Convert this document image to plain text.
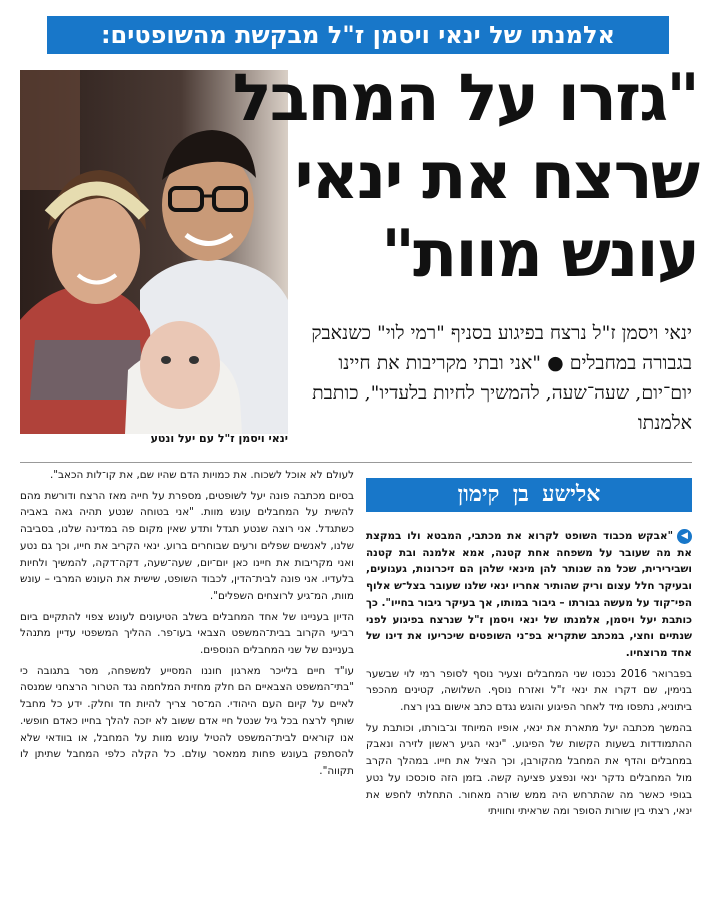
אלמנתו של ינאי ויסמן ז"ל מבקשת מהשופטים:
ינאי ויסמן ז"ל עם יעל ונטע
"גזרו על המחבל
שרצח את ינאי
עונש מוות"
ינאי ויסמן ז"ל נרצח בפיגוע בסניף "רמי לוי" כשנאבק בגבורה במחבלים ● "אני ובתי מקריבות את חיינו יום־יום, שעה־שעה, להמשיך לחיות בלעדיו", כותבת אלמנתו
אלישע בן קימון

◀"אבקש מכבוד השופט לקרוא את מכתבי, המבטא ולו במקצת את מה שעובר על משפחה אחת קטנה, אמא אלמנה ובת קטנה ושבירירית, שכל מה שנותר להן מינאי שלהן הם זיכרונות, געגועים, ובעיקר חלל עצום וריק שהותיר אחריו ינאי שלנו שעובר בצל־ש אלוף הפי־קוד על מעשה גבורתו – גיבור במותו, אך בעיקר גיבור בחייו". כך כותבת יעל ויסמן, אלמנתו של ינאי ויסמן ז"ל שנרצח בפיגוע לפני שנתיים וחצי, במכתב שתקריא בפ־ני השופטים שיכריעו את דינו של אחד מרוצחיו.

בפברואר 2016 נכנסו שני המחבלים וצעיר נוסף לסופר רמי לוי שבשער בנימין, שם דקרו את ינאי ז"ל ואזרח נוסף. השלושה, קטינים מהכפר ביתוניא, נתפסו מיד לאחר הפיגוע והוגש נגדם כתב אישום בגין רצח.

בהמשך מכתבה יעל מתארת את ינאי, אופיו המיוחד וג־בורתו, וכותבת על ההתמודדות בשעות הקשות של הפיגוע. "ינאי הגיע ראשון לזירה ונאבק במחבלים והדף את המחבל מהקורבן, וכך הציל את חייו. במהלך הקרב מול המחבלים נדקר ינאי ונפצע פציעה קשה. בזמן הזה סוכסכו על נטע בגופי כאשר מה שהתרחש היה ממש שורה מאחור. התחלתי לחפש את ינאי, רצתי בין שורות הסופר ומה שראיתי וחוויתי

לעולם לא אוכל לשכוח. את כמויות הדם שהיו שם, את קו־לות הכאב".

בסיום מכתבה פונה יעל לשופטים, מספרת על חייה מאז הרצח ודורשת מהם להשית על המחבלים עונש מוות. "אני בטוחה שנטע תהיה גאה באביה כשתגדל. אני רוצה שנטע תגדל ותדע שאין מקום פה במדינה שלנו, בסביבה שלנו, לאנשים שפלים ורעים שבוחרים ברוע. ינאי הקריב את חייו, וכך גם נטע ואני מקריבות את חיינו כאן יום־יום, שעה־שעה, דקה־דקה, להמשיך ולחיות בלעדיו. אני פונה לבית־הדין, לכבוד השופט, שישית את העונש המרבי – עונש מוות, המ־גיע לרוצחים השפלים".

הדיון בעניינו של אחד המחבלים בשלב הטיעונים לעונש צפוי להתקיים ביום רביעי הקרוב בבית־המשפט הצבאי בעו־פר. ההליך המשפטי עדיין מתנהל בעניינם של שני המחבלים הנוספים.

עו"ד חיים בלייכר מארגון חוננו המסייע למשפחה, מסר בתגובה כי "בתי־המשפט הצבאיים הם חלק מחזית המלחמה נגד הטרור הרצחני שמנסה לאיים על קיום העם היהודי. המ־סר צריך להיות חד וחלק. ידע כל מחבל שותף לרצח בכל גיל שנטל חיי אדם ששוב לא יזכה להלך בחייו כאדם חופשי. אנו קוראים לבית־המשפט להטיל עונש מוות על המחבל, או בוודאי שלא להסתפק בעונש פחות ממאסר עולם. כל הקלה כלפי המחבל שתיתן לו תקווה".
